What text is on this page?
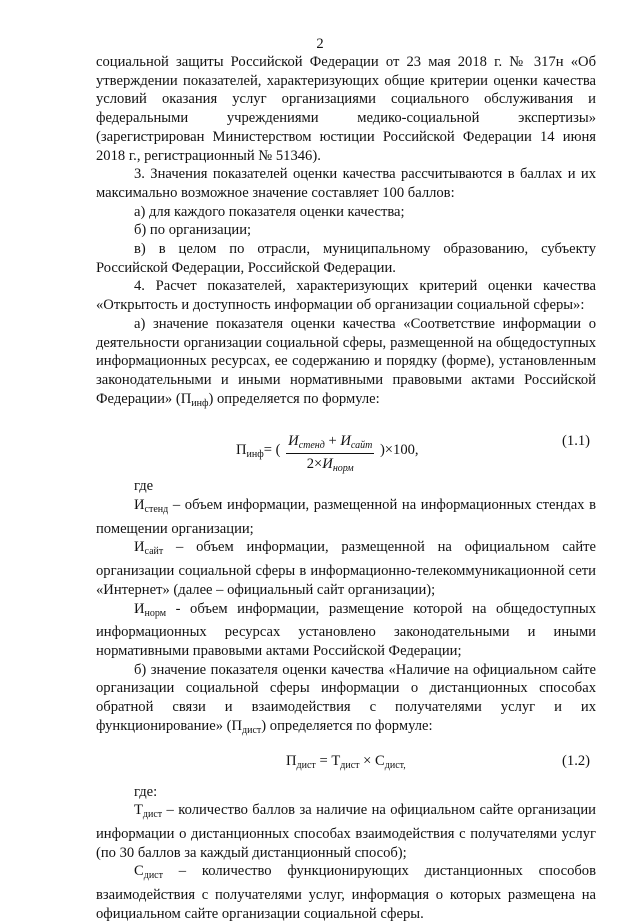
2

социальной защиты Российской Федерации от 23 мая 2018 г. № 317н «Об утверждении показателей, характеризующих общие критерии оценки качества условий оказания услуг организациями социального обслуживания и федеральными учреждениями медико-социальной экспертизы» (зарегистрирован Министерством юстиции Российской Федерации 14 июня 2018 г., регистрационный № 51346).

3. Значения показателей оценки качества рассчитываются в баллах и их максимально возможное значение составляет 100 баллов:

а) для каждого показателя оценки качества;

б) по организации;

в) в целом по отрасли, муниципальному образованию, субъекту Российской Федерации, Российской Федерации.

4. Расчет показателей, характеризующих критерий оценки качества «Открытость и доступность информации об организации социальной сферы»:

а) значение показателя оценки качества «Соответствие информации о деятельности организации социальной сферы, размещенной на общедоступных информационных ресурсах, ее содержанию и порядку (форме), установленным законодательными и иными нормативными правовыми актами Российской Федерации» $(П_{инф})$ определяется по формуле:

$П_{инф}=$ ( $\frac{И_{стенд} + И_{сайт}}{2\times И_{норм}} )\times 100$,
(1.1)

где

$И_{стенд}$ – объем информации, размещенной на информационных стендах в помещении организации;

$И_{сайт}$ – объем информации, размещенной на официальном сайте организации социальной сферы в информационно-телекоммуникационной сети «Интернет» (далее – официальный сайт организации);

$И_{норм}$ - объем информации, размещение которой на общедоступных информационных ресурсах установлено законодательными и иными нормативными правовыми актами Российской Федерации;

б) значение показателя оценки качества «Наличие на официальном сайте организации социальной сферы информации о дистанционных способах обратной связи и взаимодействия с получателями услуг и их функционирование» $(П_{дист})$ определяется по формуле:

$П_{дист} = Т_{дист} \times С_{дист,}$	(1.2)

где:

$Т_{дист}$ – количество баллов за наличие на официальном сайте организации информации о дистанционных способах взаимодействия с получателями услуг (по 30 баллов за каждый дистанционный способ);

$С_{дист}$ – количество функционирующих дистанционных способов взаимодействия с получателями услуг, информация о которых размещена на официальном сайте организации социальной сферы.
